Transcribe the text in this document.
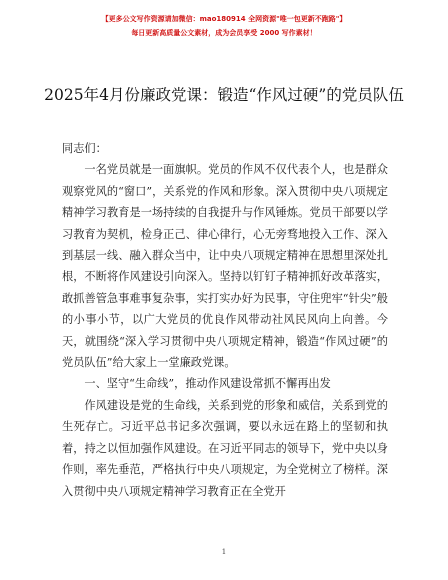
【更多公文写作资源请加微信：mao180914 全网资源"唯一包更新不跑路"】
每日更新高质量公文素材，成为会员享受 2000 写作素材！
2025年4月份廉政党课：锻造“作风过硬”的党员队伍

同志们：

一名党员就是一面旗帜。党员的作风不仅代表个人，也是群众观察党风的“窗口”，关系党的作风和形象。深入贯彻中央八项规定精神学习教育是一场持续的自我提升与作风锤炼。党员干部要以学习教育为契机，检身正己、律心律行，心无旁骛地投入工作、深入到基层一线、融入群众当中，让中央八项规定精神在思想里深处扎根，不断将作风建设引向深入。坚持以钉钉子精神抓好改革落实，敢抓善管急事难事复杂事，实打实办好为民事，守住兜牢“针尖”般的小事小节，以广大党员的优良作风带动社风民风向上向善。今天，就围绕“深入学习贯彻中央八项规定精神，锻造“作风过硬”的党员队伍”给大家上一堂廉政党课。

一、坚守“生命线”，推动作风建设常抓不懈再出发

作风建设是党的生命线，关系到党的形象和威信，关系到党的生死存亡。习近平总书记多次强调，要以永远在路上的坚韧和执着，持之以恒加强作风建设。在习近平同志的领导下，党中央以身作则，率先垂范，严格执行中央八项规定，为全党树立了榜样。深入贯彻中央八项规定精神学习教育正在全党开

1
